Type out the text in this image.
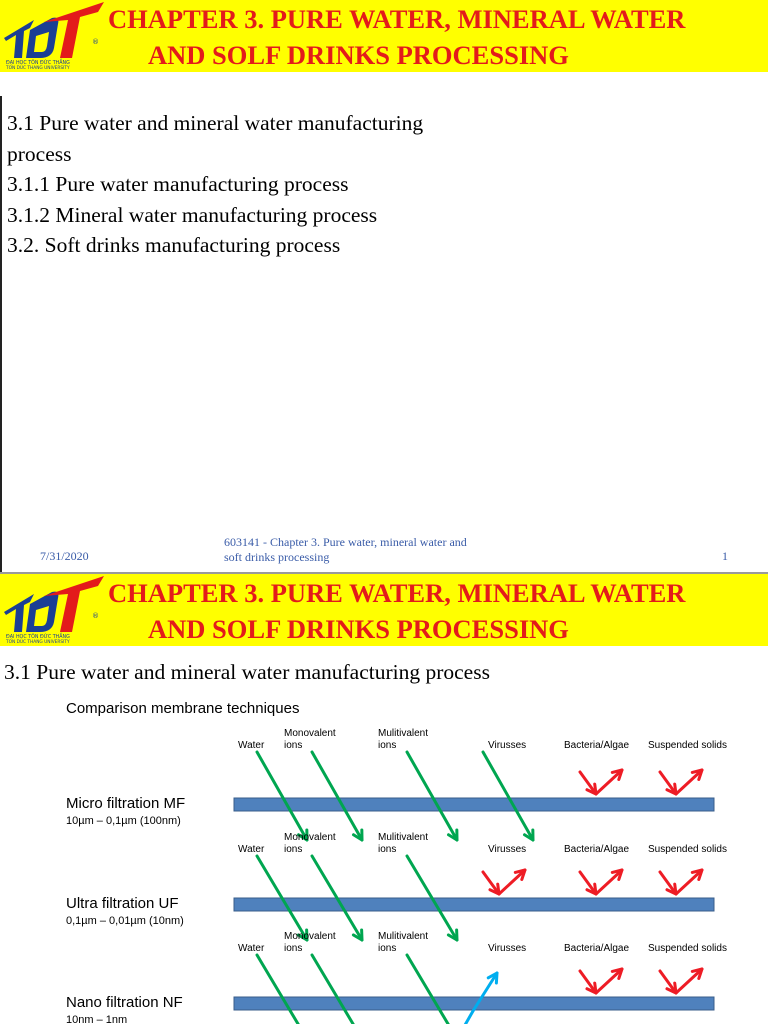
®
ĐẠI HỌC TÔN ĐỨC THẮNG
TON DUC THANG UNIVERSITY
CHAPTER 3. PURE WATER, MINERAL WATER
AND SOLF DRINKS PROCESSING
3.1 Pure water and mineral water manufacturing
process
3.1.1 Pure water manufacturing process
3.1.2 Mineral water manufacturing process
3.2. Soft drinks manufacturing process
7/31/2020
603141 - Chapter 3. Pure water, mineral water and
soft drinks processing	1
®
ĐẠI HỌC TÔN ĐỨC THẮNG
TON DUC THANG UNIVERSITY
CHAPTER 3. PURE WATER, MINERAL WATER
AND SOLF DRINKS PROCESSING
3.1 Pure water and mineral water manufacturing process
Comparison membrane techniques
Water
Monovalent
ions
Mulitivalent
ions	Virusses	Bacteria/Algae Suspended solids
Micro filtration MF
10µm – 0,1µm (100nm)
Water
Monovalent
ions
Mulitivalent
ions	Virusses	Bacteria/Algae Suspended solids
Ultra filtration UF
0,1µm – 0,01µm (10nm)
Water
Monovalent
ions
Mulitivalent
ions	Virusses	Bacteria/Algae Suspended solids
Nano filtration NF
10nm – 1nm
